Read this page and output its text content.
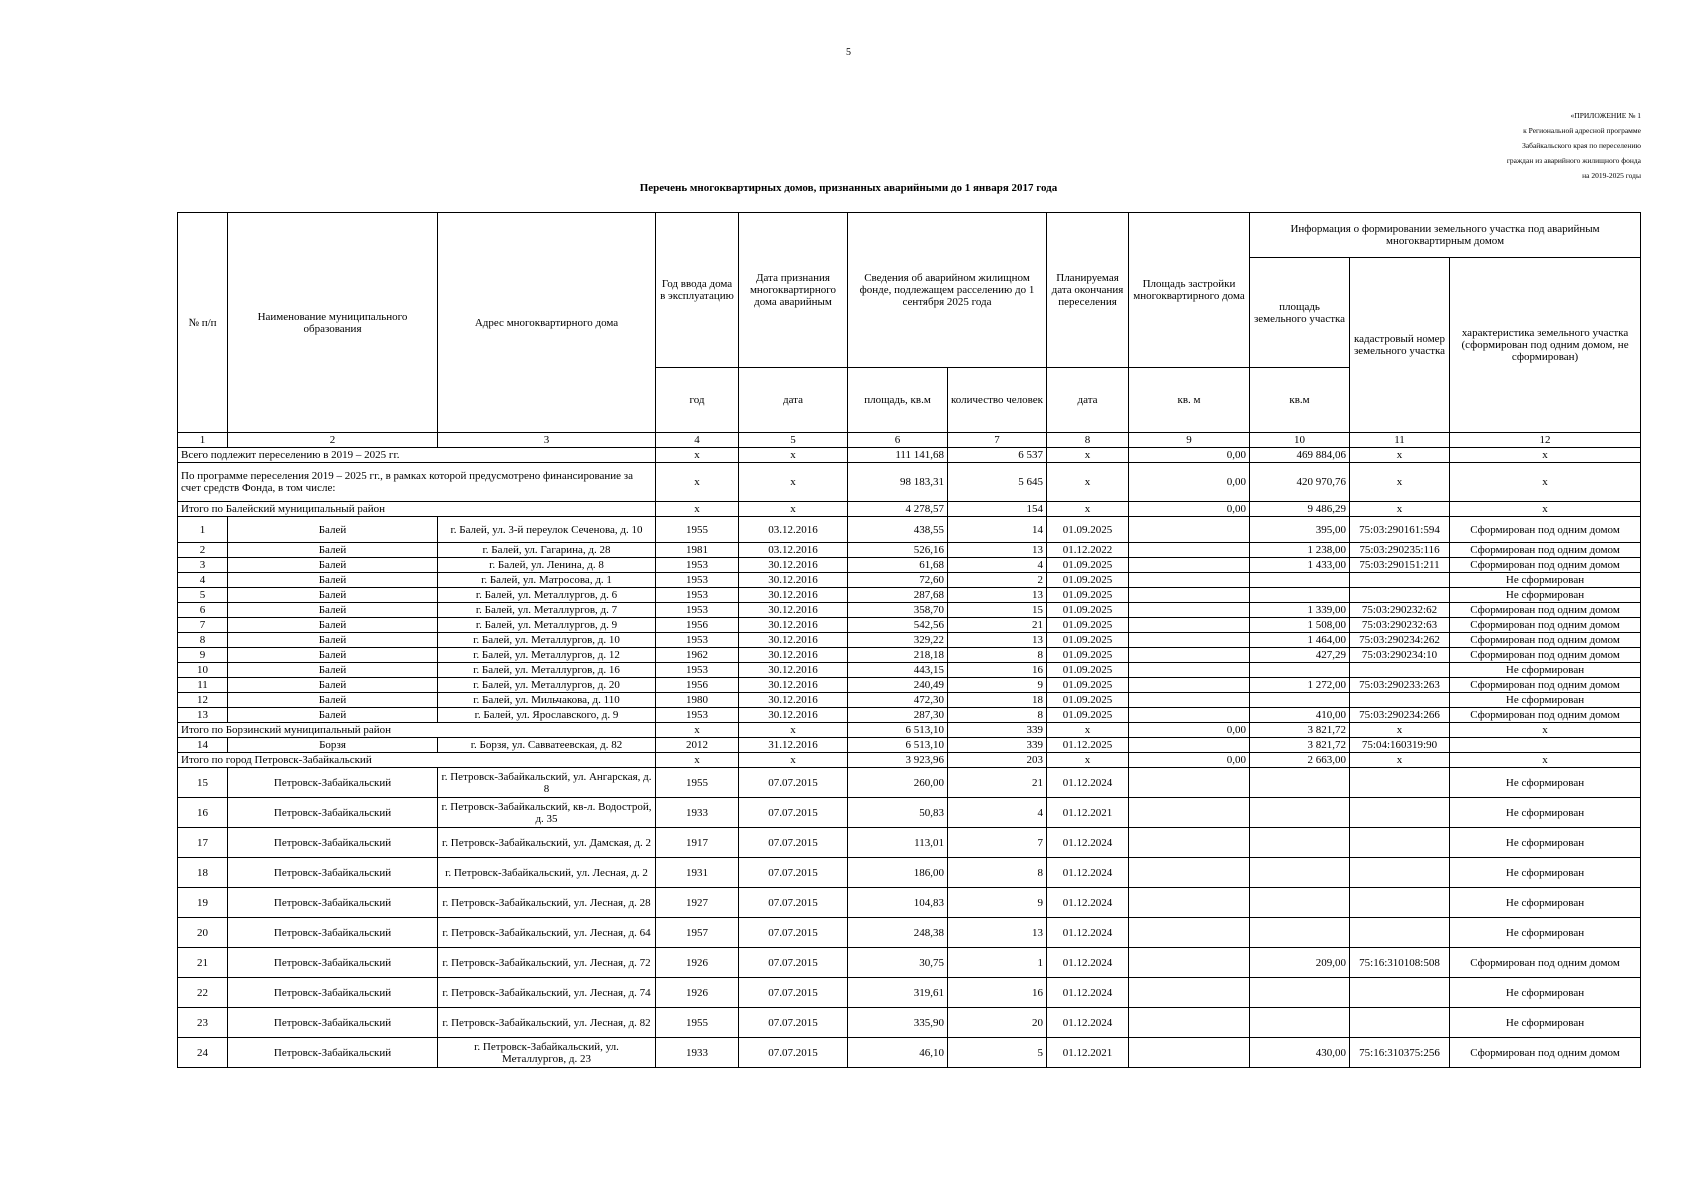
5
«ПРИЛОЖЕНИЕ № 1
к Региональной адресной программе
Забайкальского края по переселению
граждан из аварийного жилищного фонда
на 2019-2025 годы
Перечень многоквартирных домов, признанных аварийными до 1 января 2017 года
№ п/п	Наименование муниципального образования	Адрес многоквартирного дома	Год ввода дома в эксплуатацию	Дата признания многоквартирного дома аварийным	Сведения об аварийном жилищном фонде, подлежащем расселению до 1 сентября 2025 года		Планируемая дата окончания переселения	Площадь застройки многоквартирного дома	Информация о формировании земельного участка под аварийным многоквартирным домом		
									площадь земельного участка	кадастровый номер земельного участка	характеристика земельного участка (сформирован под одним домом, не сформирован)
			год	дата	площадь, кв.м	количество человек	дата	кв. м	кв.м		
1	2	3	4	5	6	7	8	9	10	11	12
Всего подлежит переселению в 2019 – 2025 гг.			х	х	111 141,68	6 537	х	0,00	469 884,06	х	х
По программе переселения 2019 – 2025 гг., в рамках которой предусмотрено финансирование за счет средств Фонда, в том числе:			х	х	98 183,31	5 645	х	0,00	420 970,76	х	х
Итого по Балейский муниципальный район			х	х	4 278,57	154	х	0,00	9 486,29	х	х
1	Балей	г. Балей, ул. 3-й переулок Сеченова, д. 10	1955	03.12.2016	438,55	14	01.09.2025		395,00	75:03:290161:594	Сформирован под одним домом
2	Балей	г. Балей, ул. Гагарина, д. 28	1981	03.12.2016	526,16	13	01.12.2022		1 238,00	75:03:290235:116	Сформирован под одним домом
3	Балей	г. Балей, ул. Ленина, д. 8	1953	30.12.2016	61,68	4	01.09.2025		1 433,00	75:03:290151:211	Сформирован под одним домом
4	Балей	г. Балей, ул. Матросова, д. 1	1953	30.12.2016	72,60	2	01.09.2025				Не сформирован
5	Балей	г. Балей, ул. Металлургов, д. 6	1953	30.12.2016	287,68	13	01.09.2025				Не сформирован
6	Балей	г. Балей, ул. Металлургов, д. 7	1953	30.12.2016	358,70	15	01.09.2025		1 339,00	75:03:290232:62	Сформирован под одним домом
7	Балей	г. Балей, ул. Металлургов, д. 9	1956	30.12.2016	542,56	21	01.09.2025		1 508,00	75:03:290232:63	Сформирован под одним домом
8	Балей	г. Балей, ул. Металлургов, д. 10	1953	30.12.2016	329,22	13	01.09.2025		1 464,00	75:03:290234:262	Сформирован под одним домом
9	Балей	г. Балей, ул. Металлургов, д. 12	1962	30.12.2016	218,18	8	01.09.2025		427,29	75:03:290234:10	Сформирован под одним домом
10	Балей	г. Балей, ул. Металлургов, д. 16	1953	30.12.2016	443,15	16	01.09.2025				Не сформирован
11	Балей	г. Балей, ул. Металлургов, д. 20	1956	30.12.2016	240,49	9	01.09.2025		1 272,00	75:03:290233:263	Сформирован под одним домом
12	Балей	г. Балей, ул. Мильчакова, д. 110	1980	30.12.2016	472,30	18	01.09.2025				Не сформирован
13	Балей	г. Балей, ул. Ярославского, д. 9	1953	30.12.2016	287,30	8	01.09.2025		410,00	75:03:290234:266	Сформирован под одним домом
Итого по Борзинский муниципальный район			х	х	6 513,10	339	х	0,00	3 821,72	х	х
14	Борзя	г. Борзя, ул. Савватеевская, д. 82	2012	31.12.2016	6 513,10	339	01.12.2025		3 821,72	75:04:160319:90	
Итого по город Петровск-Забайкальский			х	х	3 923,96	203	х	0,00	2 663,00	х	х
15	Петровск-Забайкальский	г. Петровск-Забайкальский, ул. Ангарская, д. 8	1955	07.07.2015	260,00	21	01.12.2024				Не сформирован
16	Петровск-Забайкальский	г. Петровск-Забайкальский, кв-л. Водострой, д. 35	1933	07.07.2015	50,83	4	01.12.2021				Не сформирован
17	Петровск-Забайкальский	г. Петровск-Забайкальский, ул. Дамская, д. 2	1917	07.07.2015	113,01	7	01.12.2024				Не сформирован
18	Петровск-Забайкальский	г. Петровск-Забайкальский, ул. Лесная, д. 2	1931	07.07.2015	186,00	8	01.12.2024				Не сформирован
19	Петровск-Забайкальский	г. Петровск-Забайкальский, ул. Лесная, д. 28	1927	07.07.2015	104,83	9	01.12.2024				Не сформирован
20	Петровск-Забайкальский	г. Петровск-Забайкальский, ул. Лесная, д. 64	1957	07.07.2015	248,38	13	01.12.2024				Не сформирован
21	Петровск-Забайкальский	г. Петровск-Забайкальский, ул. Лесная, д. 72	1926	07.07.2015	30,75	1	01.12.2024		209,00	75:16:310108:508	Сформирован под одним домом
22	Петровск-Забайкальский	г. Петровск-Забайкальский, ул. Лесная, д. 74	1926	07.07.2015	319,61	16	01.12.2024				Не сформирован
23	Петровск-Забайкальский	г. Петровск-Забайкальский, ул. Лесная, д. 82	1955	07.07.2015	335,90	20	01.12.2024				Не сформирован
24	Петровск-Забайкальский	г. Петровск-Забайкальский, ул. Металлургов, д. 23	1933	07.07.2015	46,10	5	01.12.2021		430,00	75:16:310375:256	Сформирован под одним домом
